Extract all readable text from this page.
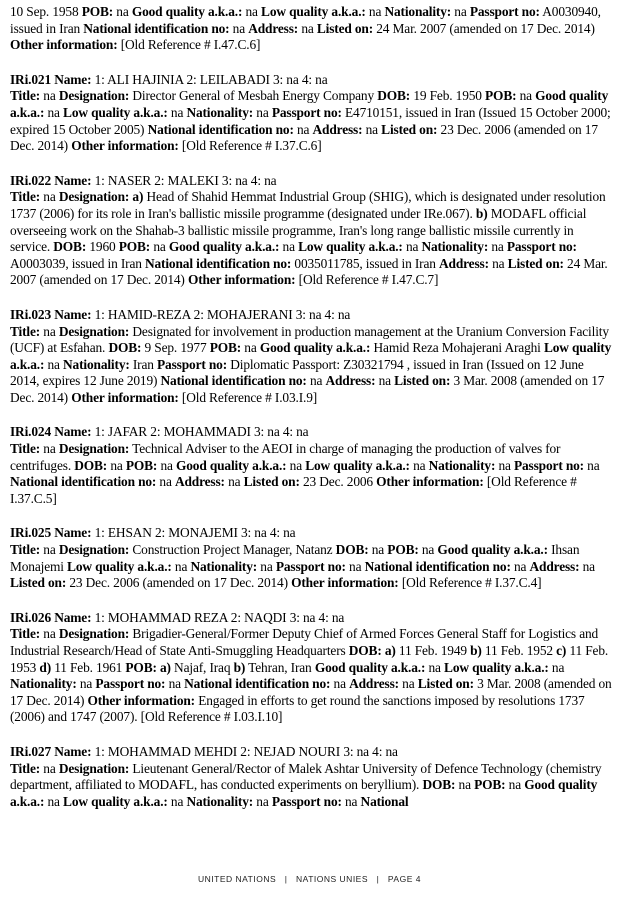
10 Sep. 1958 POB: na Good quality a.k.a.: na Low quality a.k.a.: na Nationality: na Passport no: A0030940, issued in Iran National identification no: na Address: na Listed on: 24 Mar. 2007 (amended on 17 Dec. 2014) Other information: [Old Reference # I.47.C.6]

IRi.021 Name: 1: ALI HAJINIA 2: LEILABADI 3: na 4: na
Title: na Designation: Director General of Mesbah Energy Company DOB: 19 Feb. 1950 POB: na Good quality a.k.a.: na Low quality a.k.a.: na Nationality: na Passport no: E4710151, issued in Iran (Issued 15 October 2000; expired 15 October 2005) National identification no: na Address: na Listed on: 23 Dec. 2006 (amended on 17 Dec. 2014) Other information: [Old Reference # I.37.C.6]

IRi.022 Name: 1: NASER 2: MALEKI 3: na 4: na
Title: na Designation: a) Head of Shahid Hemmat Industrial Group (SHIG), which is designated under resolution 1737 (2006) for its role in Iran's ballistic missile programme (designated under IRe.067). b) MODAFL official overseeing work on the Shahab-3 ballistic missile programme, Iran's long range ballistic missile currently in service. DOB: 1960 POB: na Good quality a.k.a.: na Low quality a.k.a.: na Nationality: na Passport no: A0003039, issued in Iran National identification no: 0035011785, issued in Iran Address: na Listed on: 24 Mar. 2007 (amended on 17 Dec. 2014) Other information: [Old Reference # I.47.C.7]

IRi.023 Name: 1: HAMID-REZA 2: MOHAJERANI 3: na 4: na
Title: na Designation: Designated for involvement in production management at the Uranium Conversion Facility (UCF) at Esfahan. DOB: 9 Sep. 1977 POB: na Good quality a.k.a.: Hamid Reza Mohajerani Araghi Low quality a.k.a.: na Nationality: Iran Passport no: Diplomatic Passport: Z30321794 , issued in Iran (Issued on 12 June 2014, expires 12 June 2019) National identification no: na Address: na Listed on: 3 Mar. 2008 (amended on 17 Dec. 2014) Other information: [Old Reference # I.03.I.9]

IRi.024 Name: 1: JAFAR 2: MOHAMMADI 3: na 4: na
Title: na Designation: Technical Adviser to the AEOI in charge of managing the production of valves for centrifuges. DOB: na POB: na Good quality a.k.a.: na Low quality a.k.a.: na Nationality: na Passport no: na National identification no: na Address: na Listed on: 23 Dec. 2006 Other information: [Old Reference # I.37.C.5]

IRi.025 Name: 1: EHSAN 2: MONAJEMI 3: na 4: na
Title: na Designation: Construction Project Manager, Natanz DOB: na POB: na Good quality a.k.a.: Ihsan Monajemi Low quality a.k.a.: na Nationality: na Passport no: na National identification no: na Address: na Listed on: 23 Dec. 2006 (amended on 17 Dec. 2014) Other information: [Old Reference # I.37.C.4]

IRi.026 Name: 1: MOHAMMAD REZA 2: NAQDI 3: na 4: na
Title: na Designation: Brigadier-General/Former Deputy Chief of Armed Forces General Staff for Logistics and Industrial Research/Head of State Anti-Smuggling Headquarters DOB: a) 11 Feb. 1949 b) 11 Feb. 1952 c) 11 Feb. 1953 d) 11 Feb. 1961 POB: a) Najaf, Iraq b) Tehran, Iran Good quality a.k.a.: na Low quality a.k.a.: na Nationality: na Passport no: na National identification no: na Address: na Listed on: 3 Mar. 2008 (amended on 17 Dec. 2014) Other information: Engaged in efforts to get round the sanctions imposed by resolutions 1737 (2006) and 1747 (2007). [Old Reference # I.03.I.10]

IRi.027 Name: 1: MOHAMMAD MEHDI 2: NEJAD NOURI 3: na 4: na
Title: na Designation: Lieutenant General/Rector of Malek Ashtar University of Defence Technology (chemistry department, affiliated to MODAFL, has conducted experiments on beryllium). DOB: na POB: na Good quality a.k.a.: na Low quality a.k.a.: na Nationality: na Passport no: na National

UNITED NATIONS   |   NATIONS UNIES   |   PAGE 4
